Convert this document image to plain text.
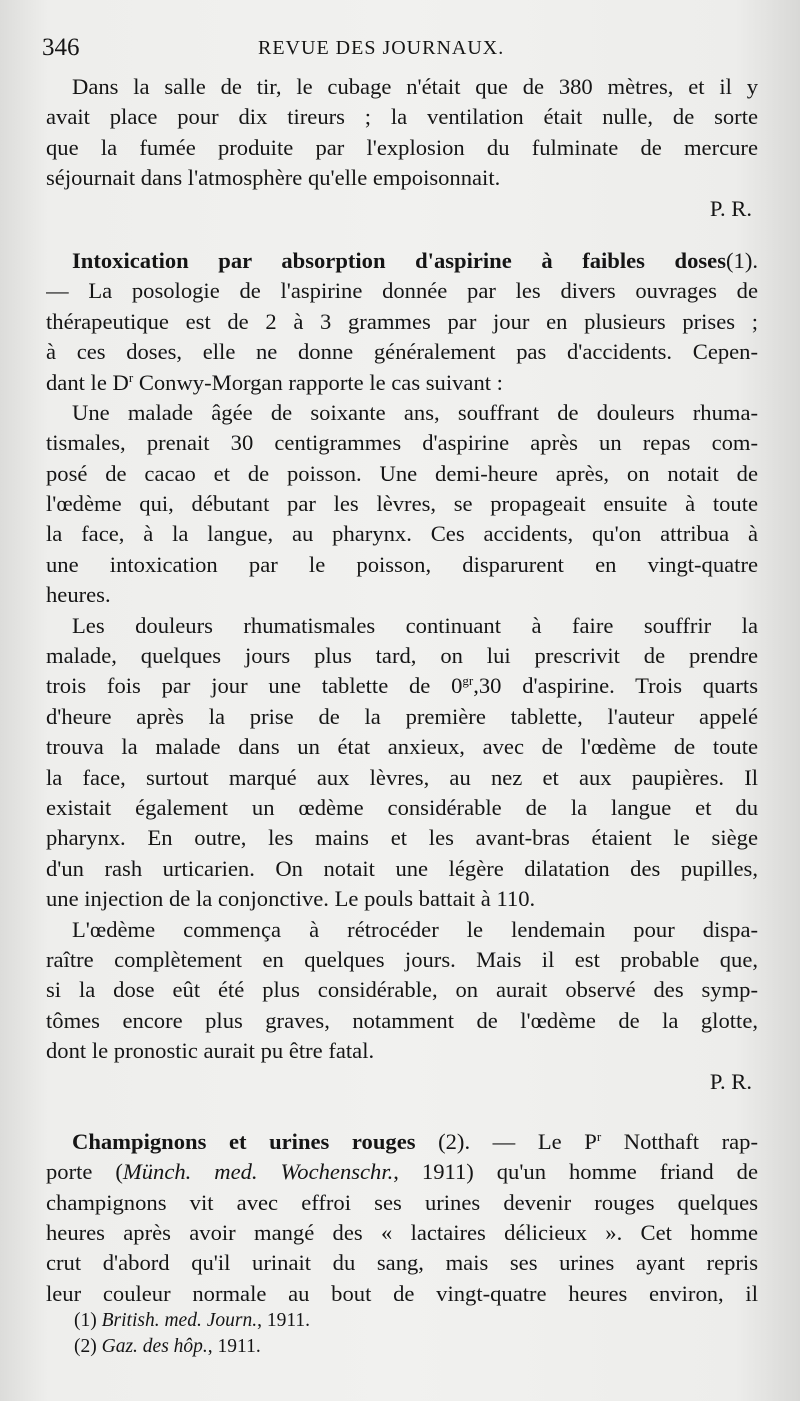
346	REVUE DES JOURNAUX.
Dans la salle de tir, le cubage n'était que de 380 mètres, et il y
avait place pour dix tireurs ; la ventilation était nulle, de sorte
que la fumée produite par l'explosion du fulminate de mercure
séjournait dans l'atmosphère qu'elle empoisonnait.
P. R.
Intoxication par absorption d'aspirine à faibles doses(1).
— La posologie de l'aspirine donnée par les divers ouvrages de
thérapeutique est de 2 à 3 grammes par jour en plusieurs prises ;
à ces doses, elle ne donne généralement pas d'accidents. Cepen-
dant le $D^r$ Conwy-Morgan rapporte le cas suivant :
Une malade âgée de soixante ans, souffrant de douleurs rhuma-
tismales, prenait 30 centigrammes d'aspirine après un repas com-
posé de cacao et de poisson. Une demi-heure après, on notait de
l'œdème qui, débutant par les lèvres, se propageait ensuite à toute
la face, à la langue, au pharynx. Ces accidents, qu'on attribua à
une intoxication par le poisson, disparurent en vingt-quatre
heures.
Les douleurs rhumatismales continuant à faire souffrir la
malade, quelques jours plus tard, on lui prescrivit de prendre
trois fois par jour une tablette de $0^{gr},30$ d'aspirine. Trois quarts
d'heure après la prise de la première tablette, l'auteur appelé
trouva la malade dans un état anxieux, avec de l'œdème de toute
la face, surtout marqué aux lèvres, au nez et aux paupières. Il
existait également un œdème considérable de la langue et du
pharynx. En outre, les mains et les avant-bras étaient le siège
d'un rash urticarien. On notait une légère dilatation des pupilles,
une injection de la conjonctive. Le pouls battait à 110.
L'œdème commença à rétrocéder le lendemain pour dispa-
raître complètement en quelques jours. Mais il est probable que,
si la dose eût été plus considérable, on aurait observé des symp-
tômes encore plus graves, notamment de l'œdème de la glotte,
dont le pronostic aurait pu être fatal.
P. R.
Champignons et urines rouges (2). — Le $P^r$ Notthaft rap-
porte (Münch. med. Wochenschr., 1911) qu'un homme friand de
champignons vit avec effroi ses urines devenir rouges quelques
heures après avoir mangé des « lactaires délicieux ». Cet homme
crut d'abord qu'il urinait du sang, mais ses urines ayant repris
leur couleur normale au bout de vingt-quatre heures environ, il
(1) British. med. Journ., 1911.
(2) Gaz. des hôp., 1911.
